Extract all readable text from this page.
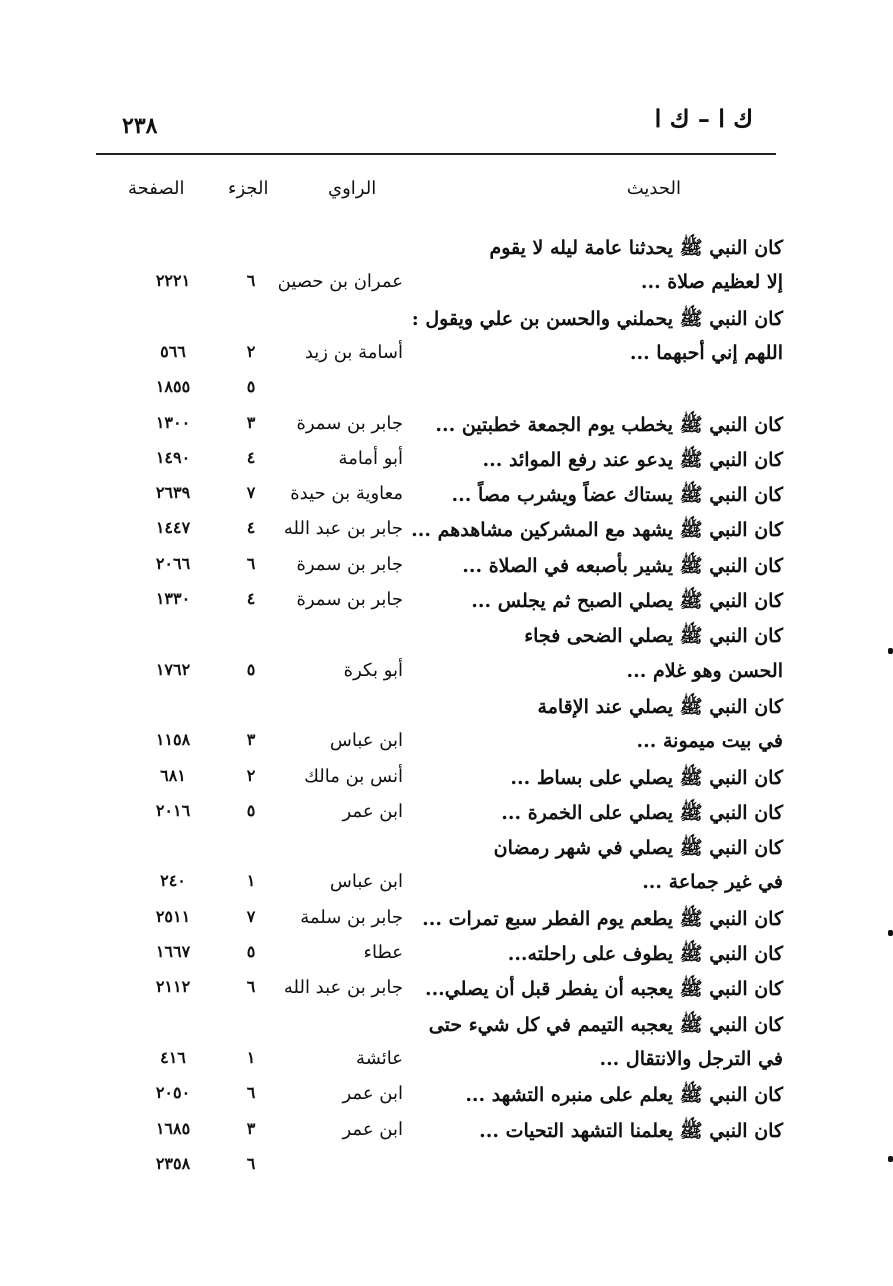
٢٣٨	ك ا – ك ا
الحديث
الراوي
الجزء
الصفحة
كان النبي ﷺ يحدثنا عامة ليله لا يقوم
إلا لعظيم صلاة ...
عمران بن حصين
٦
٢٢٢١
كان النبي ﷺ يحملني والحسن بن علي ويقول :
اللهم إني أحبهما ...
أسامة بن زيد
٢
٥٦٦
٥
١٨٥٥
كان النبي ﷺ يخطب يوم الجمعة خطبتين ...
جابر بن سمرة
٣
١٣٠٠
كان النبي ﷺ يدعو عند رفع الموائد ...
أبو أمامة
٤
١٤٩٠
كان النبي ﷺ يستاك عضاً ويشرب مصاً ...
معاوية بن حيدة
٧
٢٦٣٩
كان النبي ﷺ يشهد مع المشركين مشاهدهم ...
جابر بن عبد الله
٤
١٤٤٧
كان النبي ﷺ يشير بأصبعه في الصلاة ...
جابر بن سمرة
٦
٢٠٦٦
كان النبي ﷺ يصلي الصبح ثم يجلس ...
جابر بن سمرة
٤
١٣٣٠
كان النبي ﷺ يصلي الضحى فجاء
الحسن وهو غلام ...
أبو بكرة
٥
١٧٦٢
كان النبي ﷺ يصلي عند الإقامة
في بيت ميمونة ...
ابن عباس
٣
١١٥٨
كان النبي ﷺ يصلي على بساط ...
أنس بن مالك
٢
٦٨١
كان النبي ﷺ يصلي على الخمرة ...
ابن عمر
٥
٢٠١٦
كان النبي ﷺ يصلي في شهر رمضان
في غير جماعة ...
ابن عباس
١
٢٤٠
كان النبي ﷺ يطعم يوم الفطر سبع تمرات ...
جابر بن سلمة
٧
٢٥١١
كان النبي ﷺ يطوف على راحلته...
عطاء
٥
١٦٦٧
كان النبي ﷺ يعجبه أن يفطر قبل أن يصلي...
جابر بن عبد الله
٦
٢١١٢
كان النبي ﷺ يعجبه التيمم في كل شيء حتى
في الترجل والانتقال ...
عائشة
١
٤١٦
كان النبي ﷺ يعلم على منبره التشهد ...
ابن عمر
٦
٢٠٥٠
كان النبي ﷺ يعلمنا التشهد التحيات ...
ابن عمر
٣
١٦٨٥
٦
٢٣٥٨
